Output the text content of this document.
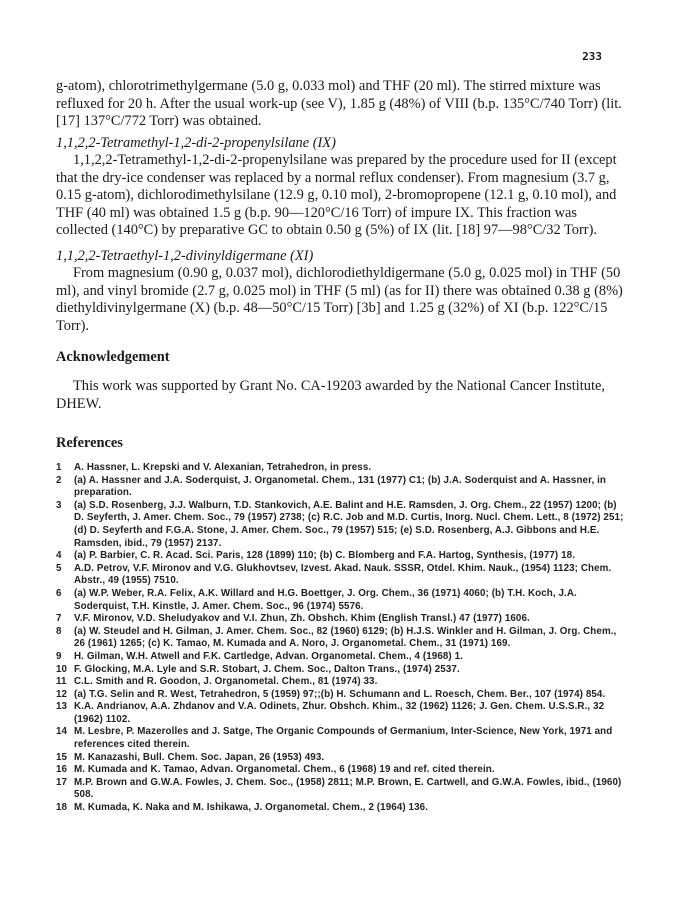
233

g-atom), chlorotrimethylgermane (5.0 g, 0.033 mol) and THF (20 ml). The stirred mixture was refluxed for 20 h. After the usual work-up (see V), 1.85 g (48%) of VIII (b.p. 135°C/740 Torr) (lit. [17] 137°C/772 Torr) was obtained.

1,1,2,2-Tetramethyl-1,2-di-2-propenylsilane (IX)

1,1,2,2-Tetramethyl-1,2-di-2-propenylsilane was prepared by the procedure used for II (except that the dry-ice condenser was replaced by a normal reflux condenser). From magnesium (3.7 g, 0.15 g-atom), dichlorodimethylsilane (12.9 g, 0.10 mol), 2-bromopropene (12.1 g, 0.10 mol), and THF (40 ml) was obtained 1.5 g (b.p. 90—120°C/16 Torr) of impure IX. This fraction was collected (140°C) by preparative GC to obtain 0.50 g (5%) of IX (lit. [18] 97—98°C/32 Torr).

1,1,2,2-Tetraethyl-1,2-divinyldigermane (XI)

From magnesium (0.90 g, 0.037 mol), dichlorodiethyldigermane (5.0 g, 0.025 mol) in THF (50 ml), and vinyl bromide (2.7 g, 0.025 mol) in THF (5 ml) (as for II) there was obtained 0.38 g (8%) diethyldivinylgermane (X) (b.p. 48—50°C/15 Torr) [3b] and 1.25 g (32%) of XI (b.p. 122°C/15 Torr).

Acknowledgement

This work was supported by Grant No. CA-19203 awarded by the National Cancer Institute, DHEW.

References
1	A. Hassner, L. Krepski and V. Alexanian, Tetrahedron, in press.
2	(a) A. Hassner and J.A. Soderquist, J. Organometal. Chem., 131 (1977) C1; (b) J.A. Soderquist and A. Hassner, in preparation.
3	(a) S.D. Rosenberg, J.J. Walburn, T.D. Stankovich, A.E. Balint and H.E. Ramsden, J. Org. Chem., 22 (1957) 1200; (b) D. Seyferth, J. Amer. Chem. Soc., 79 (1957) 2738; (c) R.C. Job and M.D. Curtis, Inorg. Nucl. Chem. Lett., 8 (1972) 251; (d) D. Seyferth and F.G.A. Stone, J. Amer. Chem. Soc., 79 (1957) 515; (e) S.D. Rosenberg, A.J. Gibbons and H.E. Ramsden, ibid., 79 (1957) 2137.
4	(a) P. Barbier, C. R. Acad. Sci. Paris, 128 (1899) 110; (b) C. Blomberg and F.A. Hartog, Synthesis, (1977) 18.
5	A.D. Petrov, V.F. Mironov and V.G. Glukhovtsev, Izvest. Akad. Nauk. SSSR, Otdel. Khim. Nauk., (1954) 1123; Chem. Abstr., 49 (1955) 7510.
6	(a) W.P. Weber, R.A. Felix, A.K. Willard and H.G. Boettger, J. Org. Chem., 36 (1971) 4060; (b) T.H. Koch, J.A. Soderquist, T.H. Kinstle, J. Amer. Chem. Soc., 96 (1974) 5576.
7	V.F. Mironov, V.D. Sheludyakov and V.I. Zhun, Zh. Obshch. Khim (English Transl.) 47 (1977) 1606.
8	(a) W. Steudel and H. Gilman, J. Amer. Chem. Soc., 82 (1960) 6129; (b) H.J.S. Winkler and H. Gilman, J. Org. Chem., 26 (1961) 1265; (c) K. Tamao, M. Kumada and A. Noro, J. Organometal. Chem., 31 (1971) 169.
9	H. Gilman, W.H. Atwell and F.K. Cartledge, Advan. Organometal. Chem., 4 (1968) 1.
10 F. Glocking, M.A. Lyle and S.R. Stobart, J. Chem. Soc., Dalton Trans., (1974) 2537.
11 C.L. Smith and R. Goodon, J. Organometal. Chem., 81 (1974) 33.
12 (a) T.G. Selin and R. West, Tetrahedron, 5 (1959) 97;;(b) H. Schumann and L. Roesch, Chem. Ber., 107 (1974) 854.
13 K.A. Andrianov, A.A. Zhdanov and V.A. Odinets, Zhur. Obshch. Khim., 32 (1962) 1126; J. Gen. Chem. U.S.S.R., 32 (1962) 1102.
14 M. Lesbre, P. Mazerolles and J. Satge, The Organic Compounds of Germanium, Inter-Science, New York, 1971 and references cited therein.
15 M. Kanazashi, Bull. Chem. Soc. Japan, 26 (1953) 493.
16 M. Kumada and K. Tamao, Advan. Organometal. Chem., 6 (1968) 19 and ref. cited therein.
17 M.P. Brown and G.W.A. Fowles, J. Chem. Soc., (1958) 2811; M.P. Brown, E. Cartwell, and G.W.A. Fowles, ibid., (1960) 508.
18 M. Kumada, K. Naka and M. Ishikawa, J. Organometal. Chem., 2 (1964) 136.
